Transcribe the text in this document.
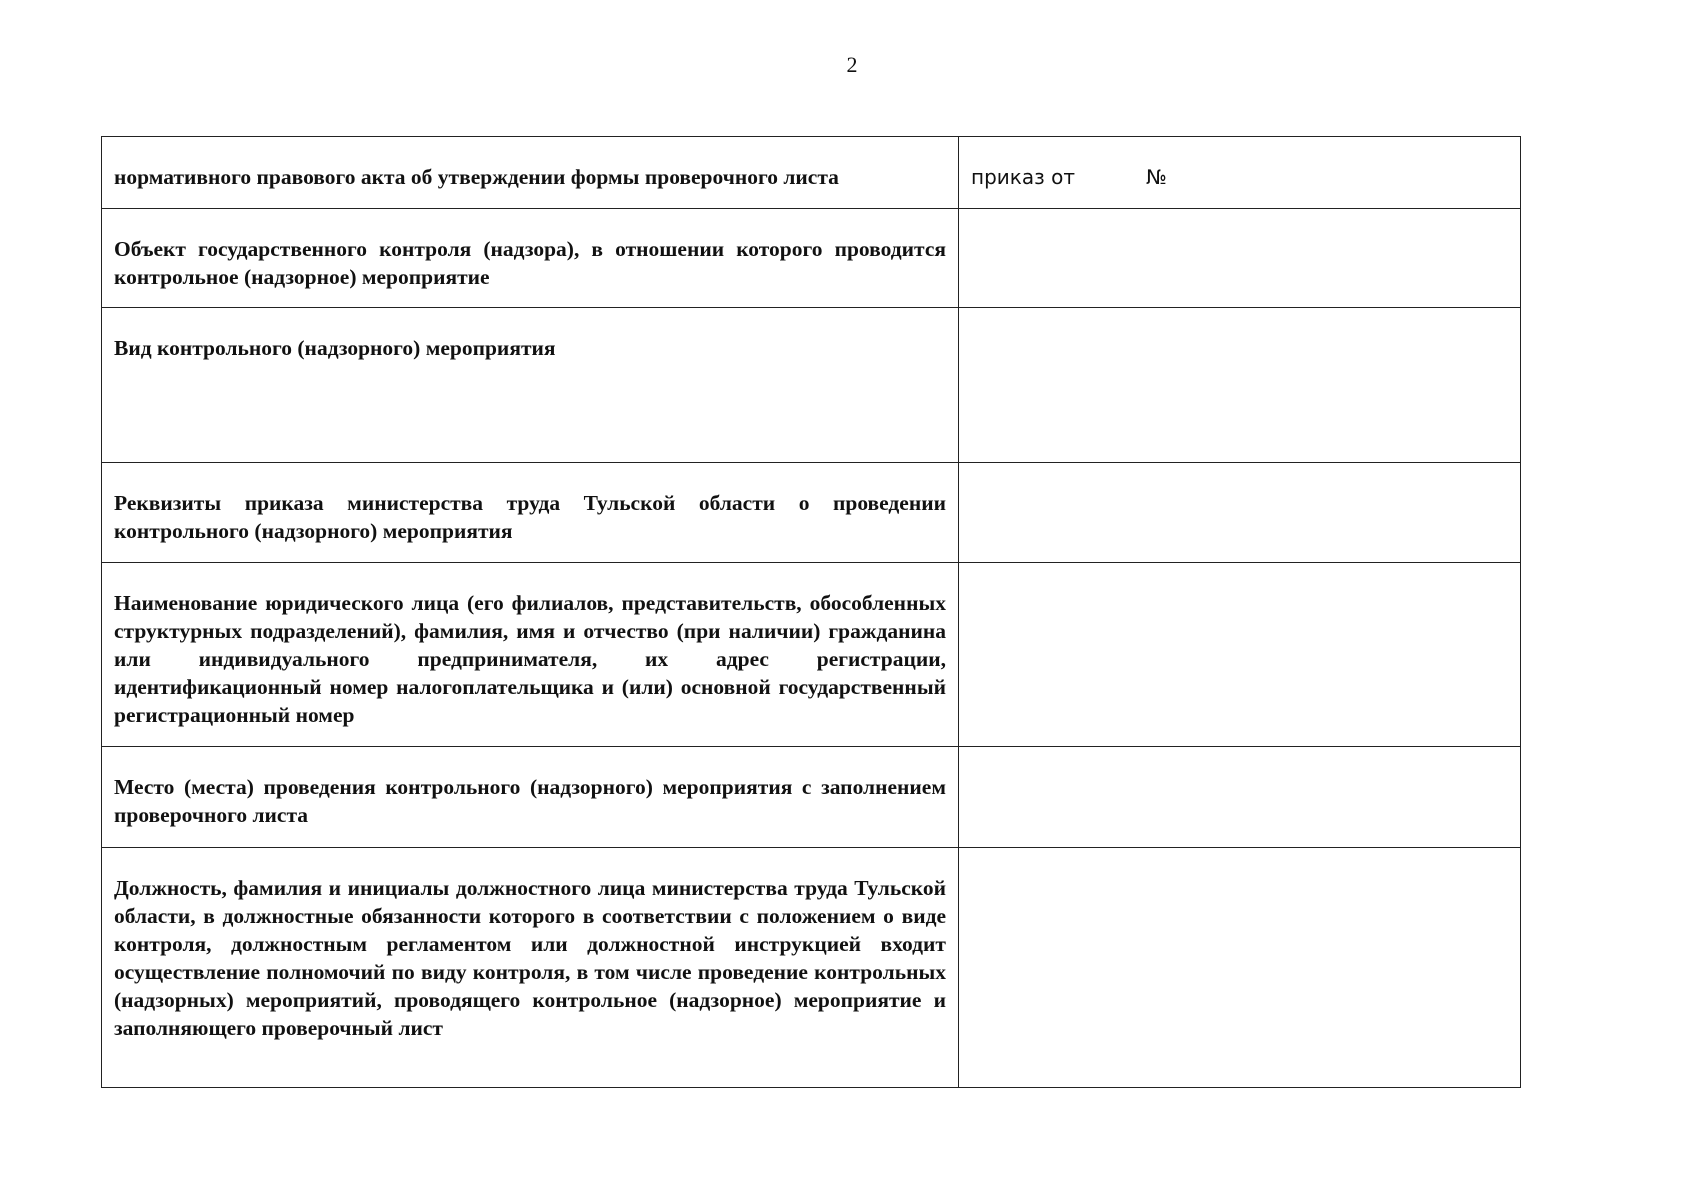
2
нормативного правового акта об утверждении формы проверочного листа	приказ от №
Объект государственного контроля (надзора), в отношении которого проводится контрольное (надзорное) мероприятие	
Вид контрольного (надзорного) мероприятия	
Реквизиты приказа министерства труда Тульской области о проведении контрольного (надзорного) мероприятия	
Наименование юридического лица (его филиалов, представительств, обособленных структурных подразделений), фамилия, имя и отчество (при наличии) гражданина или индивидуального предпринимателя, их адрес регистрации, идентификационный номер налогоплательщика и (или) основной государственный регистрационный номер	
Место (места) проведения контрольного (надзорного) мероприятия с заполнением проверочного листа	
Должность, фамилия и инициалы должностного лица министерства труда Тульской области, в должностные обязанности которого в соответствии с положением о виде контроля, должностным регламентом или должностной инструкцией входит осуществление полномочий по виду контроля, в том числе проведение контрольных (надзорных) мероприятий, проводящего контрольное (надзорное) мероприятие и заполняющего проверочный лист	
